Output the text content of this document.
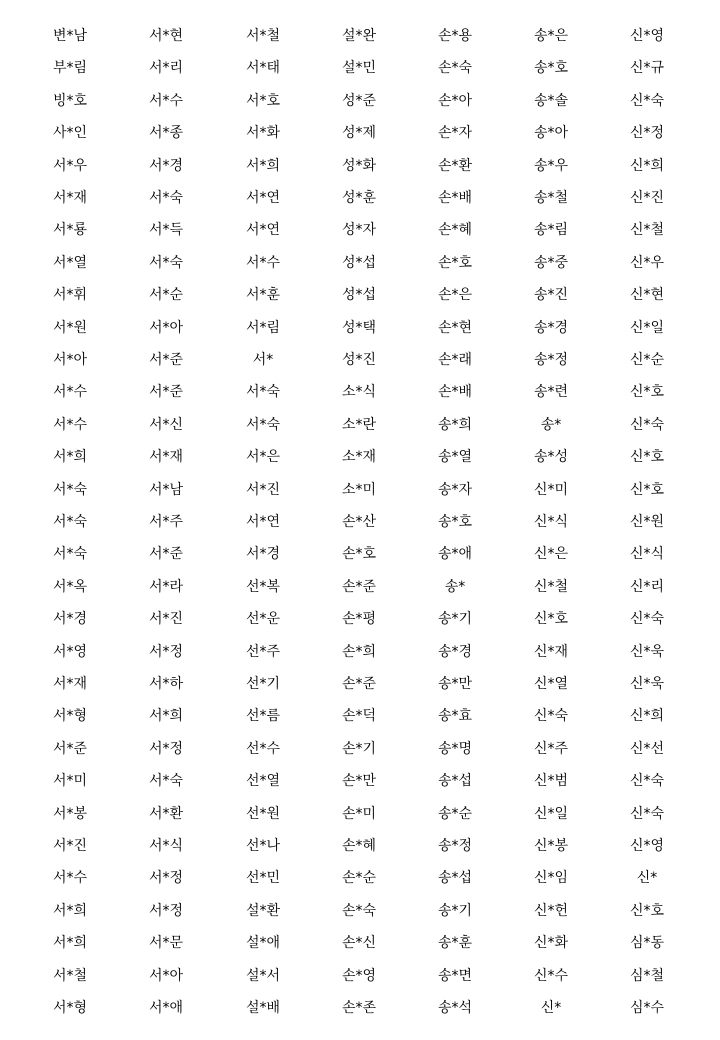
변*남	서*현	서*철	설*완	손*용	송*은	신*영
부*림	서*리	서*태	설*민	손*숙	송*호	신*규
빙*호	서*수	서*호	성*준	손*아	송*솔	신*숙
사*인	서*종	서*화	성*제	손*자	송*아	신*정
서*우	서*경	서*희	성*화	손*환	송*우	신*희
서*재	서*숙	서*연	성*훈	손*배	송*철	신*진
서*룡	서*득	서*연	성*자	손*혜	송*림	신*철
서*열	서*숙	서*수	성*섭	손*호	송*중	신*우
서*휘	서*순	서*훈	성*섭	손*은	송*진	신*현
서*원	서*아	서*림	성*택	손*현	송*경	신*일
서*아	서*준	서*	성*진	손*래	송*정	신*순
서*수	서*준	서*숙	소*식	손*배	송*련	신*호
서*수	서*신	서*숙	소*란	송*희	송*	신*숙
서*희	서*재	서*은	소*재	송*열	송*성	신*호
서*숙	서*남	서*진	소*미	송*자	신*미	신*호
서*숙	서*주	서*연	손*산	송*호	신*식	신*원
서*숙	서*준	서*경	손*호	송*애	신*은	신*식
서*옥	서*라	선*복	손*준	송*	신*철	신*리
서*경	서*진	선*운	손*평	송*기	신*호	신*숙
서*영	서*정	선*주	손*희	송*경	신*재	신*욱
서*재	서*하	선*기	손*준	송*만	신*열	신*욱
서*형	서*희	선*름	손*덕	송*효	신*숙	신*희
서*준	서*정	선*수	손*기	송*명	신*주	신*선
서*미	서*숙	선*열	손*만	송*섭	신*범	신*숙
서*봉	서*환	선*원	손*미	송*순	신*일	신*숙
서*진	서*식	선*나	손*혜	송*정	신*봉	신*영
서*수	서*정	선*민	손*순	송*섭	신*임	신*
서*희	서*정	설*환	손*숙	송*기	신*헌	신*호
서*희	서*문	설*애	손*신	송*훈	신*화	심*동
서*철	서*아	설*서	손*영	송*면	신*수	심*철
서*형	서*애	설*배	손*존	송*석	신*	심*수
